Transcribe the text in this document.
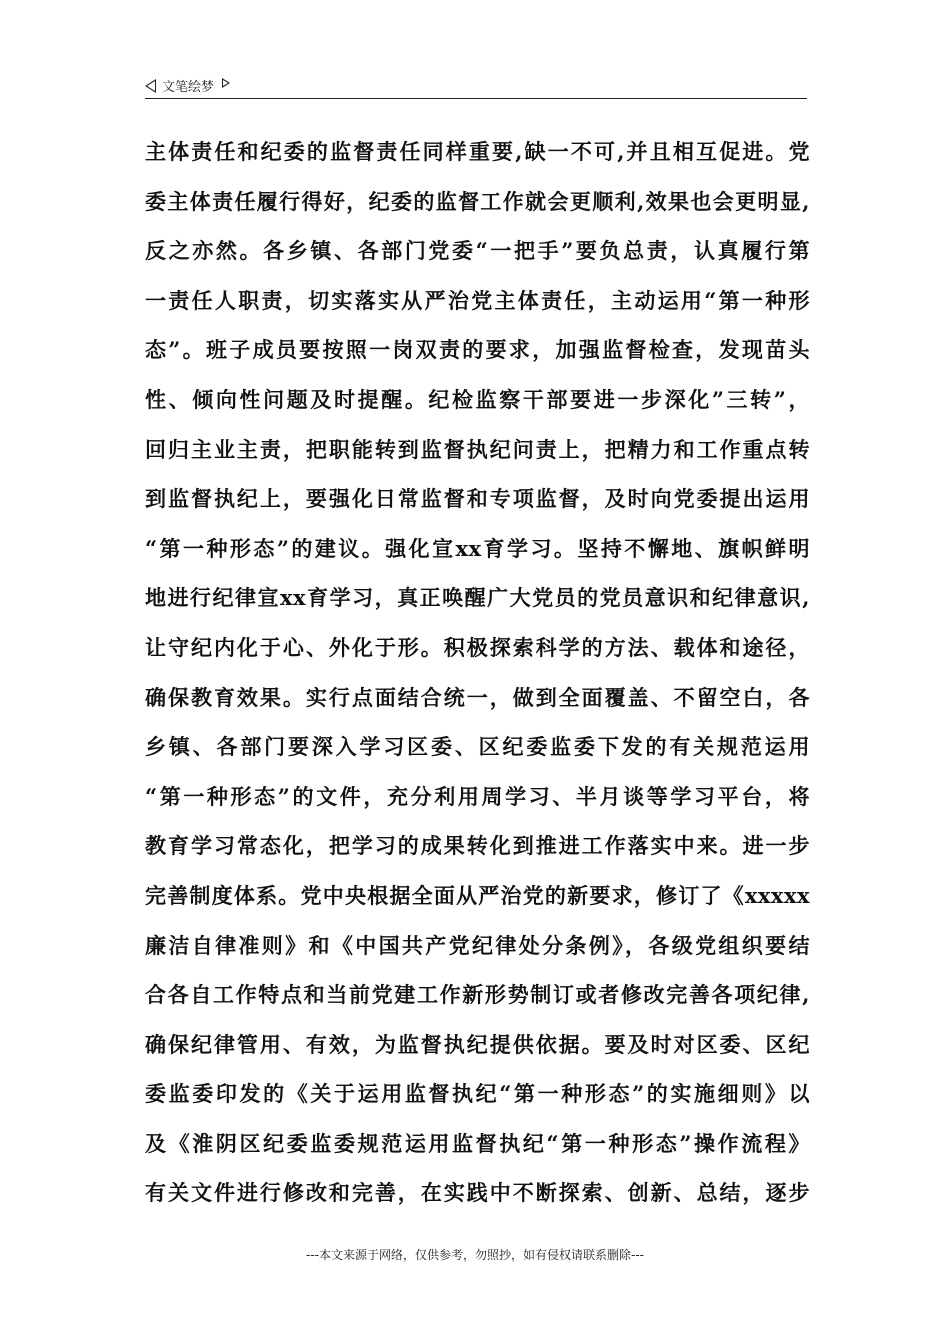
文笔绘梦
主体责任和纪委的监督责任同样重要,缺一不可,并且相互促进。党
委主体责任履行得好，纪委的监督工作就会更顺利,效果也会更明显,
反之亦然。各乡镇、各部门党委“一把手”要负总责，认真履行第
一责任人职责，切实落实从严治党主体责任，主动运用“第一种形
态”。班子成员要按照一岗双责的要求，加强监督检查，发现苗头
性、倾向性问题及时提醒。纪检监察干部要进一步深化”三转”，
回归主业主责，把职能转到监督执纪问责上，把精力和工作重点转
到监督执纪上，要强化日常监督和专项监督，及时向党委提出运用
“第一种形态”的建议。强化宣xx育学习。坚持不懈地、旗帜鲜明
地进行纪律宣xx育学习，真正唤醒广大党员的党员意识和纪律意识,
让守纪内化于心、外化于形。积极探索科学的方法、载体和途径，
确保教育效果。实行点面结合统一，做到全面覆盖、不留空白，各
乡镇、各部门要深入学习区委、区纪委监委下发的有关规范运用
“第一种形态”的文件，充分利用周学习、半月谈等学习平台，将
教育学习常态化，把学习的成果转化到推进工作落实中来。进一步
完善制度体系。党中央根据全面从严治党的新要求，修订了《xxxxx
廉洁自律准则》和《中国共产党纪律处分条例》，各级党组织要结
合各自工作特点和当前党建工作新形势制订或者修改完善各项纪律,
确保纪律管用、有效，为监督执纪提供依据。要及时对区委、区纪
委监委印发的《关于运用监督执纪“第一种形态”的实施细则》以
及《淮阴区纪委监委规范运用监督执纪“第一种形态”操作流程》
有关文件进行修改和完善，在实践中不断探索、创新、总结，逐步
---本文来源于网络，仅供参考，勿照抄，如有侵权请联系删除---
